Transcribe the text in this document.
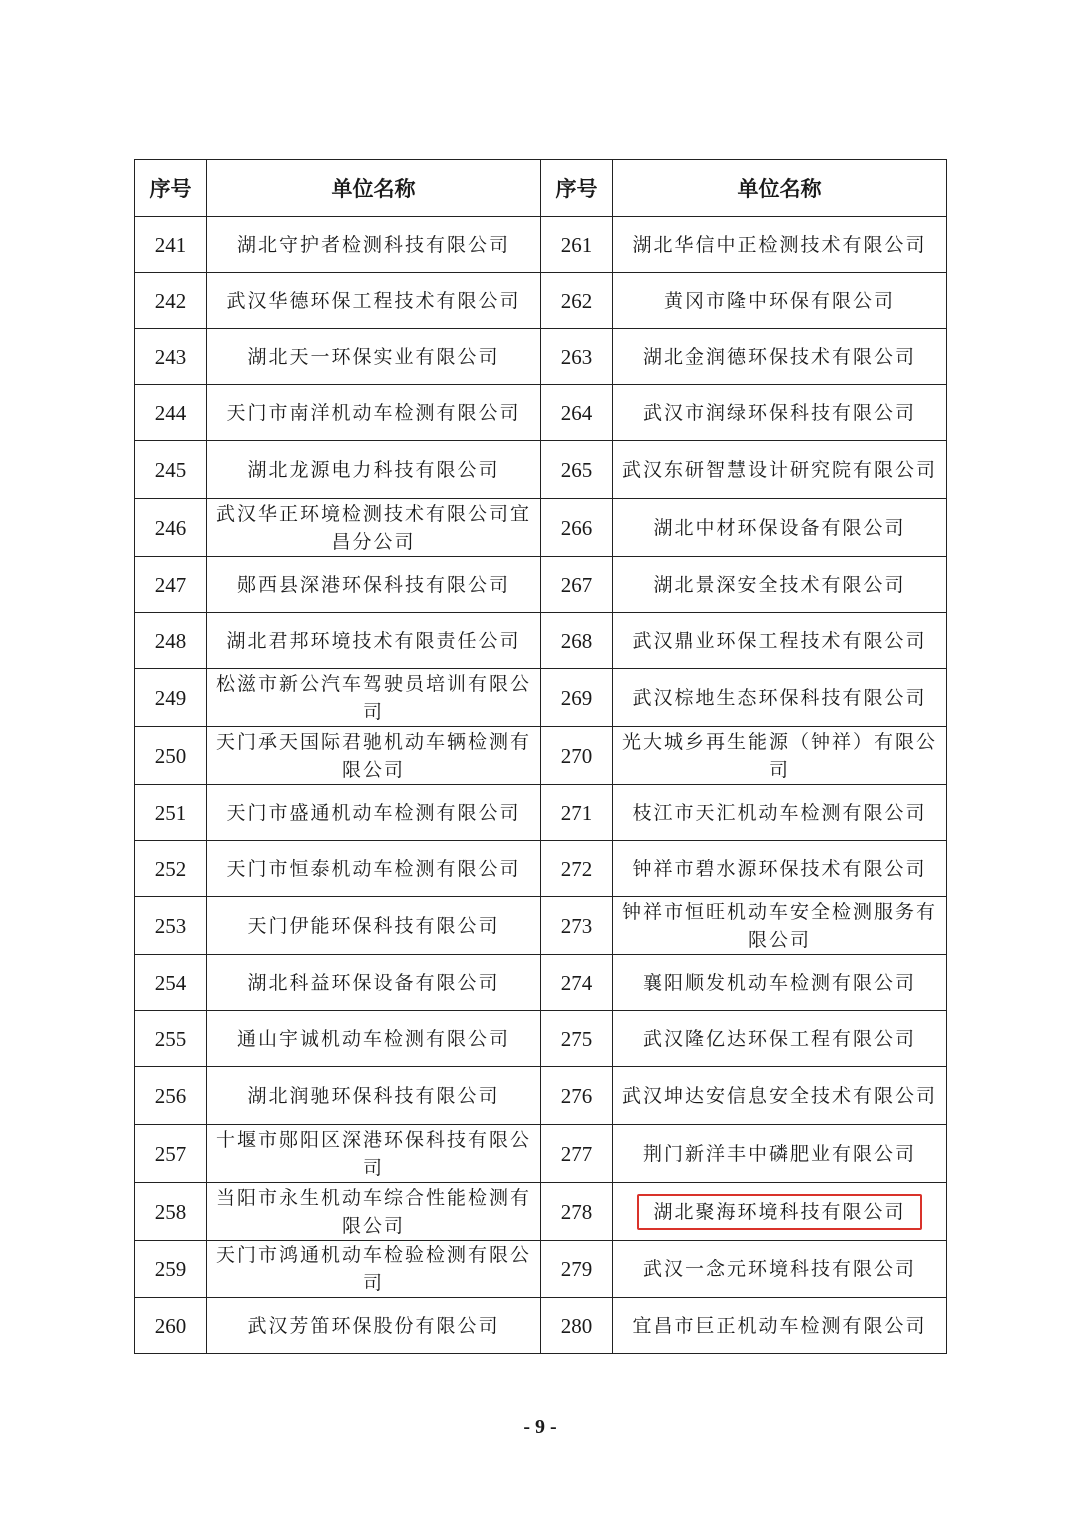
序号	单位名称	序号	单位名称
241	湖北守护者检测科技有限公司	261	湖北华信中正检测技术有限公司
242	武汉华德环保工程技术有限公司	262	黄冈市隆中环保有限公司
243	湖北天一环保实业有限公司	263	湖北金润德环保技术有限公司
244	天门市南洋机动车检测有限公司	264	武汉市润绿环保科技有限公司
245	湖北龙源电力科技有限公司	265	武汉东研智慧设计研究院有限公司
246	武汉华正环境检测技术有限公司宜昌分公司	266	湖北中材环保设备有限公司
247	郧西县深港环保科技有限公司	267	湖北景深安全技术有限公司
248	湖北君邦环境技术有限责任公司	268	武汉鼎业环保工程技术有限公司
249	松滋市新公汽车驾驶员培训有限公司	269	武汉棕地生态环保科技有限公司
250	天门承天国际君驰机动车辆检测有限公司	270	光大城乡再生能源（钟祥）有限公司
251	天门市盛通机动车检测有限公司	271	枝江市天汇机动车检测有限公司
252	天门市恒泰机动车检测有限公司	272	钟祥市碧水源环保技术有限公司
253	天门伊能环保科技有限公司	273	钟祥市恒旺机动车安全检测服务有限公司
254	湖北科益环保设备有限公司	274	襄阳顺发机动车检测有限公司
255	通山宇诚机动车检测有限公司	275	武汉隆亿达环保工程有限公司
256	湖北润驰环保科技有限公司	276	武汉坤达安信息安全技术有限公司
257	十堰市郧阳区深港环保科技有限公司	277	荆门新洋丰中磷肥业有限公司
258	当阳市永生机动车综合性能检测有限公司	278	湖北聚海环境科技有限公司
259	天门市鸿通机动车检验检测有限公司	279	武汉一念元环境科技有限公司
260	武汉芳笛环保股份有限公司	280	宜昌市巨正机动车检测有限公司
- 9 -
